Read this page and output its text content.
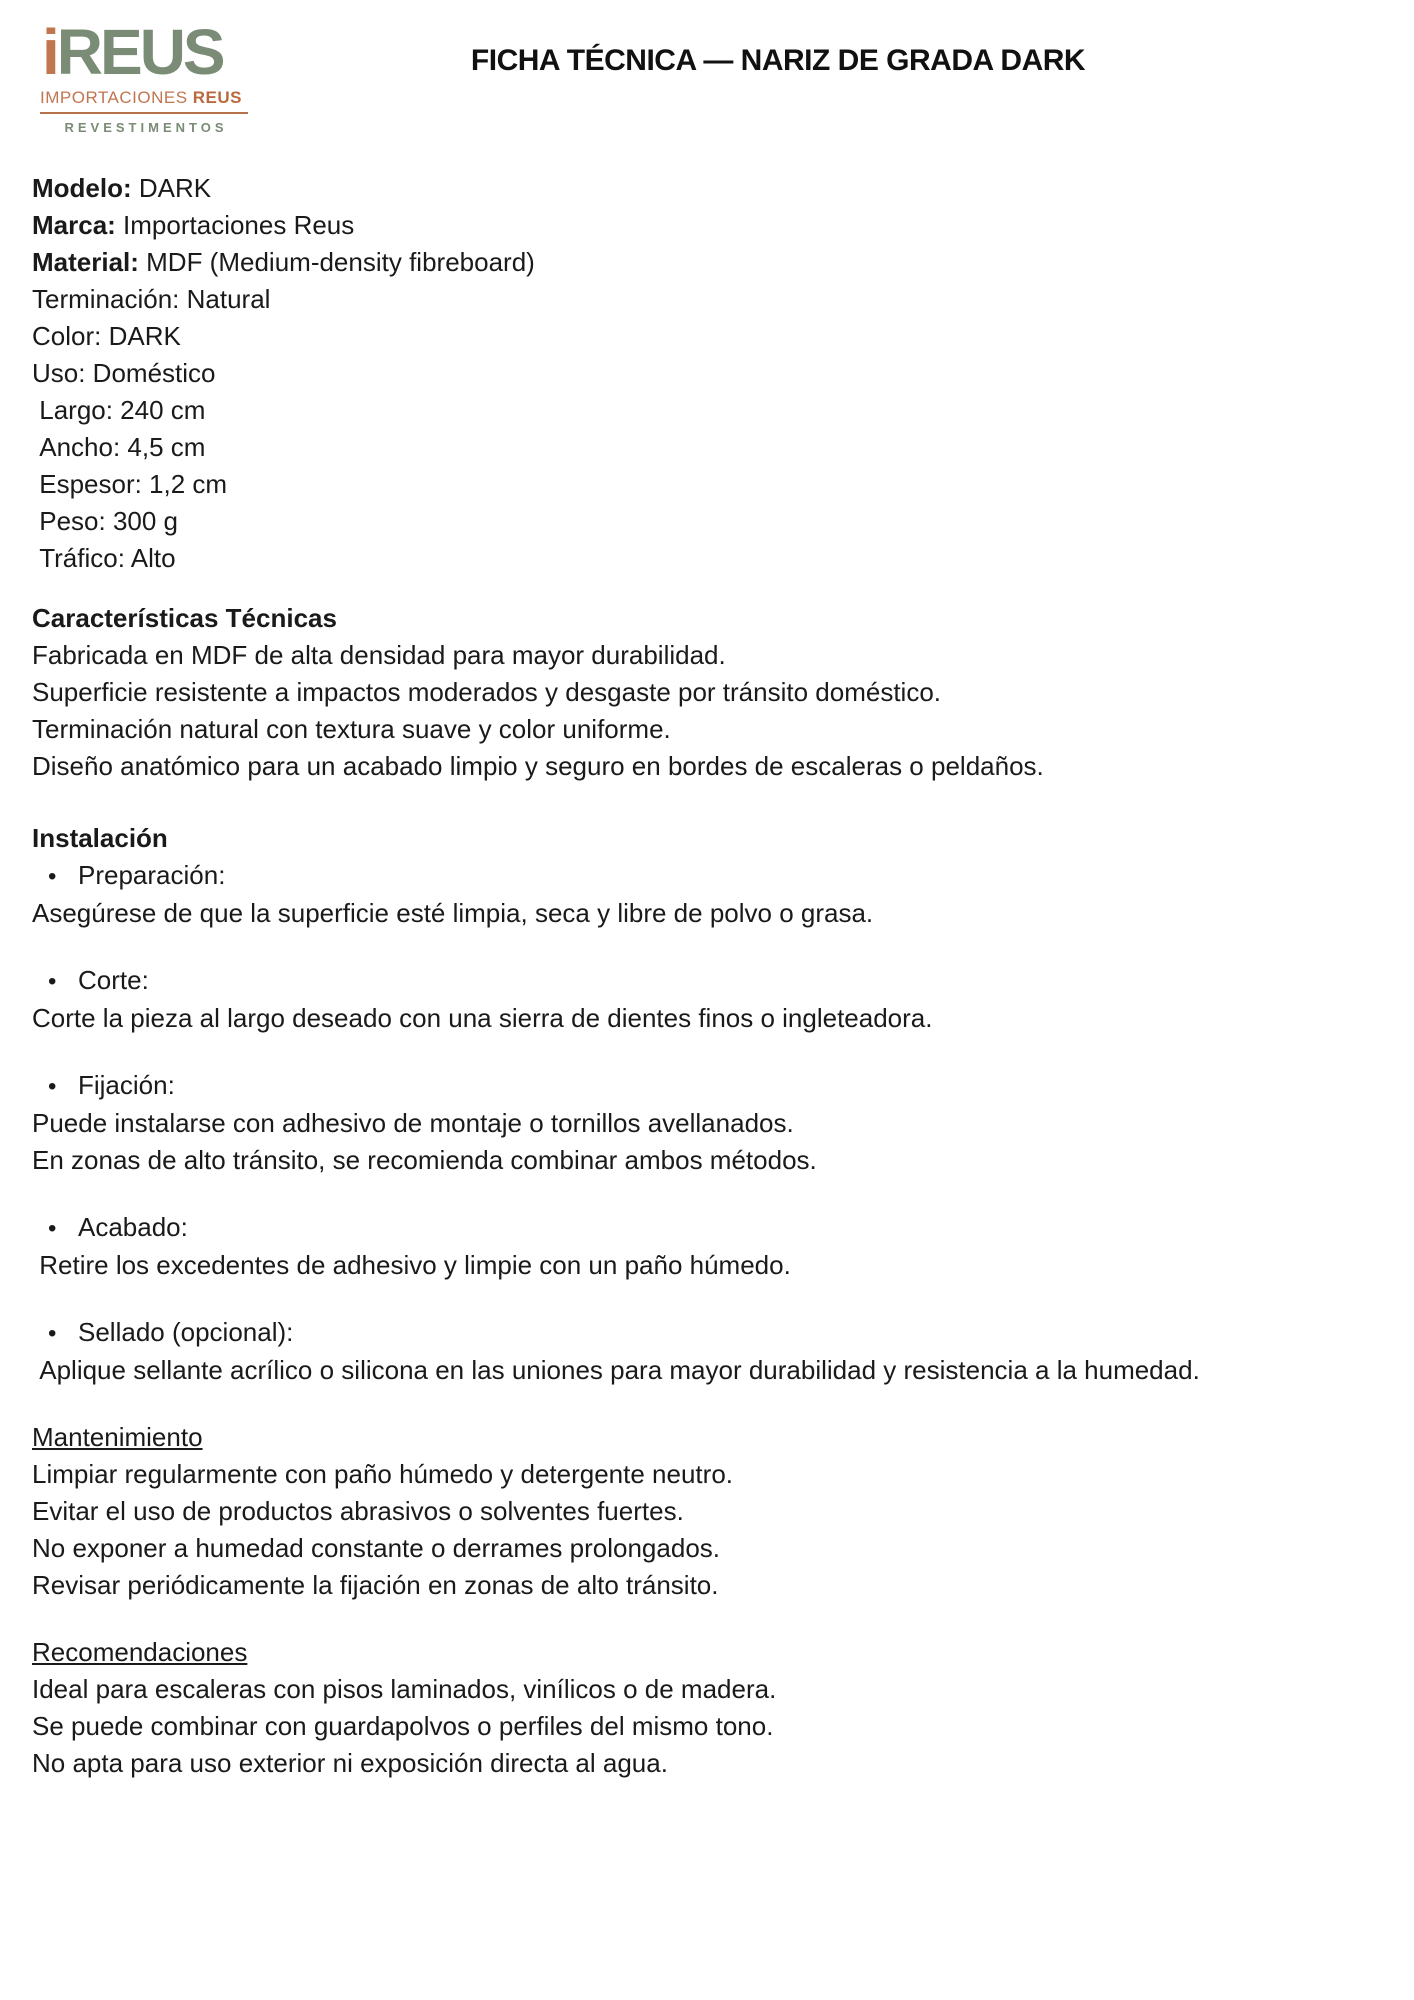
iREUS
IMPORTACIONES REUS
REVESTIMENTOS
FICHA TÉCNICA — NARIZ DE GRADA DARK
Modelo: DARK
Marca: Importaciones Reus
Material: MDF (Medium-density fibreboard)
Terminación: Natural
Color: DARK
Uso: Doméstico
Largo: 240 cm
Ancho: 4,5 cm
Espesor: 1,2 cm
Peso: 300 g
Tráfico: Alto
Características Técnicas
Fabricada en MDF de alta densidad para mayor durabilidad.
Superficie resistente a impactos moderados y desgaste por tránsito doméstico.
Terminación natural con textura suave y color uniforme.
Diseño anatómico para un acabado limpio y seguro en bordes de escaleras o peldaños.
Instalación
• Preparación:
Asegúrese de que la superficie esté limpia, seca y libre de polvo o grasa.
• Corte:
Corte la pieza al largo deseado con una sierra de dientes finos o ingleteadora.
• Fijación:
Puede instalarse con adhesivo de montaje o tornillos avellanados.
En zonas de alto tránsito, se recomienda combinar ambos métodos.
• Acabado:
Retire los excedentes de adhesivo y limpie con un paño húmedo.
• Sellado (opcional):
Aplique sellante acrílico o silicona en las uniones para mayor durabilidad y resistencia a la humedad.
Mantenimiento
Limpiar regularmente con paño húmedo y detergente neutro.
Evitar el uso de productos abrasivos o solventes fuertes.
No exponer a humedad constante o derrames prolongados.
Revisar periódicamente la fijación en zonas de alto tránsito.
Recomendaciones
Ideal para escaleras con pisos laminados, vinílicos o de madera.
Se puede combinar con guardapolvos o perfiles del mismo tono.
No apta para uso exterior ni exposición directa al agua.
